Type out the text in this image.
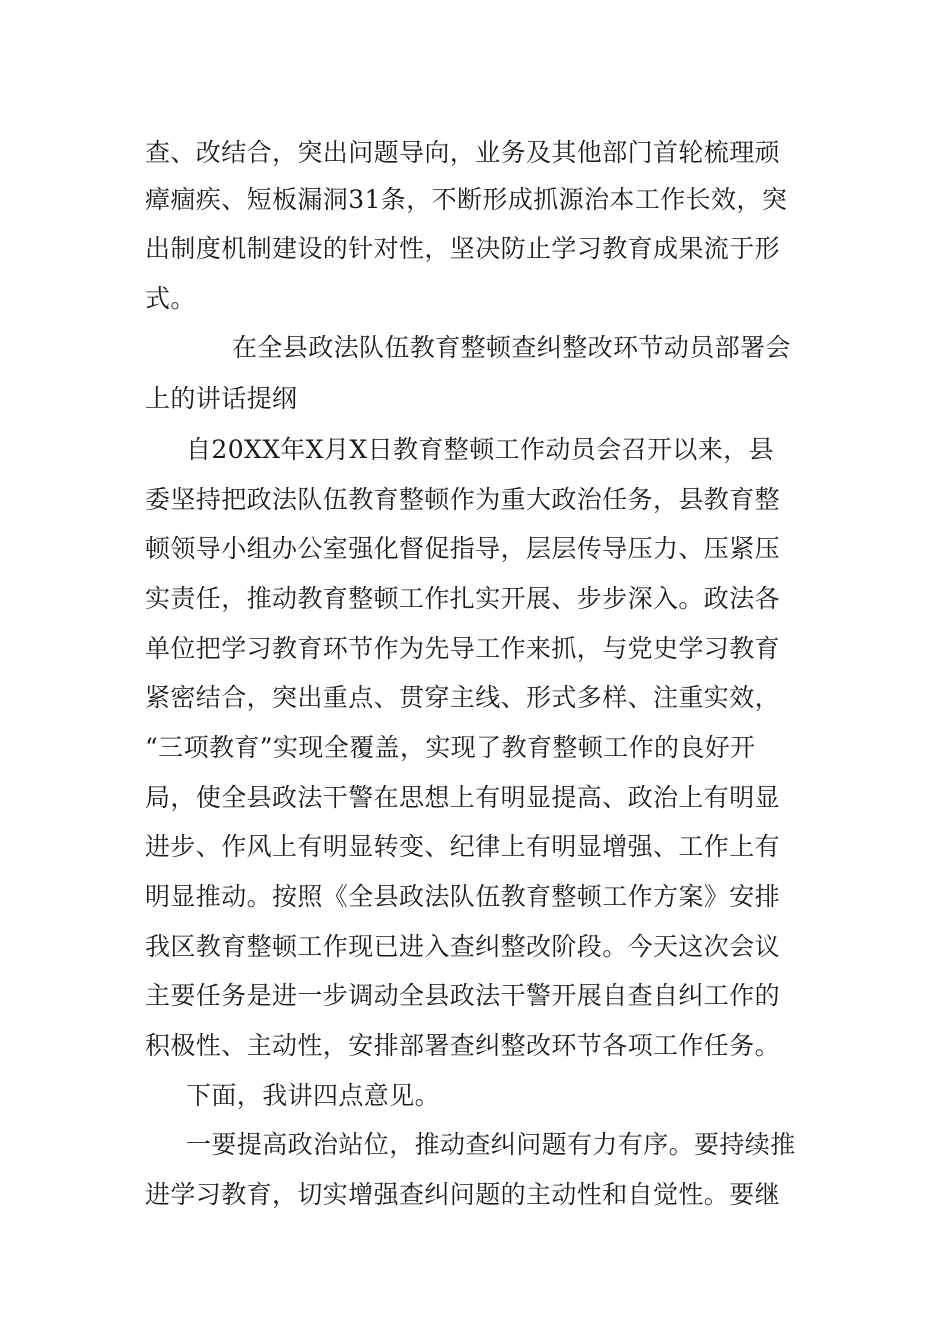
查、改结合，突出问题导向，业务及其他部门首轮梳理顽
瘴痼疾、短板漏洞31条，不断形成抓源治本工作长效，突
出制度机制建设的针对性，坚决防止学习教育成果流于形
式。
在全县政法队伍教育整顿查纠整改环节动员部署会
上的讲话提纲
自20XX年X月X日教育整顿工作动员会召开以来，县
委坚持把政法队伍教育整顿作为重大政治任务，县教育整
顿领导小组办公室强化督促指导，层层传导压力、压紧压
实责任，推动教育整顿工作扎实开展、步步深入。政法各
单位把学习教育环节作为先导工作来抓，与党史学习教育
紧密结合，突出重点、贯穿主线、形式多样、注重实效，
“三项教育”实现全覆盖，实现了教育整顿工作的良好开
局，使全县政法干警在思想上有明显提高、政治上有明显
进步、作风上有明显转变、纪律上有明显增强、工作上有
明显推动。按照《全县政法队伍教育整顿工作方案》安排
我区教育整顿工作现已进入查纠整改阶段。今天这次会议
主要任务是进一步调动全县政法干警开展自查自纠工作的
积极性、主动性，安排部署查纠整改环节各项工作任务。
下面，我讲四点意见。
一要提高政治站位，推动查纠问题有力有序。要持续推
进学习教育，切实增强查纠问题的主动性和自觉性。要继
